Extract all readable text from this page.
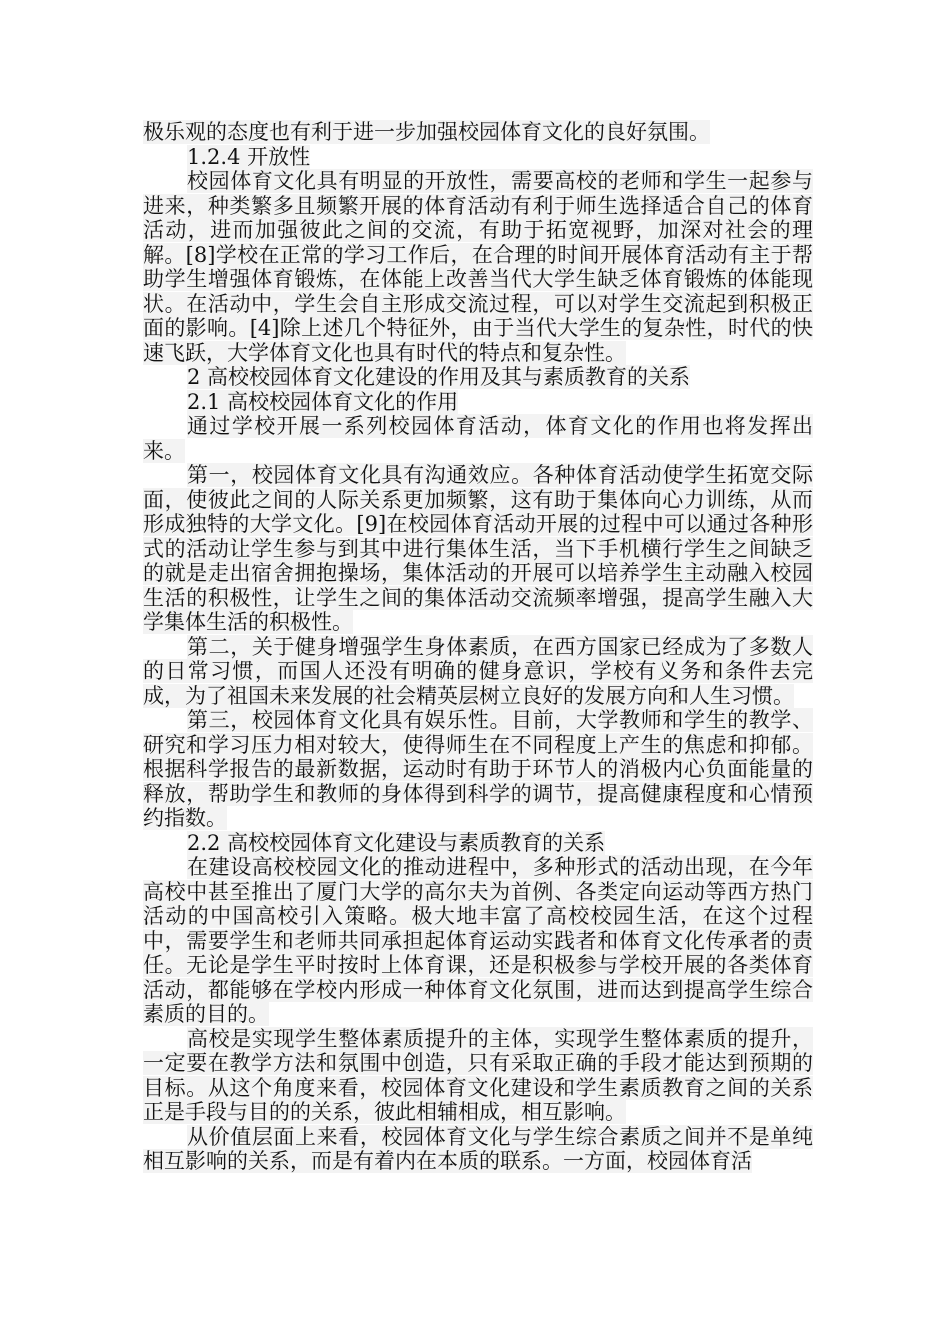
极乐观的态度也有利于进一步加强校园体育文化的良好氛围。

1.2.4 开放性

校园体育文化具有明显的开放性，需要高校的老师和学生一起参与进来，种类繁多且频繁开展的体育活动有利于师生选择适合自己的体育活动，进而加强彼此之间的交流，有助于拓宽视野，加深对社会的理解。[8]学校在正常的学习工作后，在合理的时间开展体育活动有主于帮助学生增强体育锻炼，在体能上改善当代大学生缺乏体育锻炼的体能现状。在活动中，学生会自主形成交流过程，可以对学生交流起到积极正面的影响。[4]除上述几个特征外，由于当代大学生的复杂性，时代的快速飞跃，大学体育文化也具有时代的特点和复杂性。

2 高校校园体育文化建设的作用及其与素质教育的关系

2.1 高校校园体育文化的作用

通过学校开展一系列校园体育活动，体育文化的作用也将发挥出来。

第一，校园体育文化具有沟通效应。各种体育活动使学生拓宽交际面，使彼此之间的人际关系更加频繁，这有助于集体向心力训练，从而形成独特的大学文化。[9]在校园体育活动开展的过程中可以通过各种形式的活动让学生参与到其中进行集体生活，当下手机横行学生之间缺乏的就是走出宿舍拥抱操场，集体活动的开展可以培养学生主动融入校园生活的积极性，让学生之间的集体活动交流频率增强，提高学生融入大学集体生活的积极性。

第二，关于健身增强学生身体素质，在西方国家已经成为了多数人的日常习惯，而国人还没有明确的健身意识，学校有义务和条件去完成，为了祖国未来发展的社会精英层树立良好的发展方向和人生习惯。

第三，校园体育文化具有娱乐性。目前，大学教师和学生的教学、研究和学习压力相对较大，使得师生在不同程度上产生的焦虑和抑郁。根据科学报告的最新数据，运动时有助于环节人的消极内心负面能量的释放，帮助学生和教师的身体得到科学的调节，提高健康程度和心情预约指数。

2.2 高校校园体育文化建设与素质教育的关系

在建设高校校园文化的推动进程中，多种形式的活动出现，在今年高校中甚至推出了厦门大学的高尔夫为首例、各类定向运动等西方热门活动的中国高校引入策略。极大地丰富了高校校园生活，在这个过程中，需要学生和老师共同承担起体育运动实践者和体育文化传承者的责任。无论是学生平时按时上体育课，还是积极参与学校开展的各类体育活动，都能够在学校内形成一种体育文化氛围，进而达到提高学生综合素质的目的。

高校是实现学生整体素质提升的主体，实现学生整体素质的提升，一定要在教学方法和氛围中创造，只有采取正确的手段才能达到预期的目标。从这个角度来看，校园体育文化建设和学生素质教育之间的关系正是手段与目的的关系，彼此相辅相成，相互影响。

从价值层面上来看，校园体育文化与学生综合素质之间并不是单纯相互影响的关系，而是有着内在本质的联系。一方面，校园体育活
